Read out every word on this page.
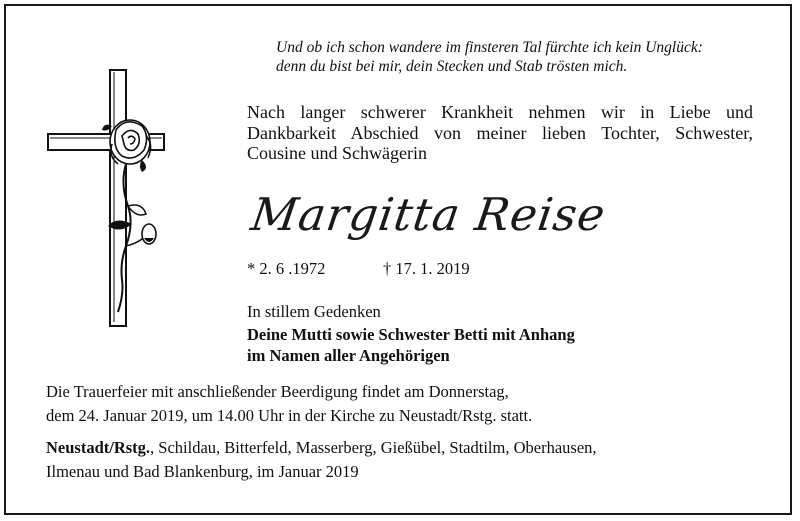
Und ob ich schon wandere im finsteren Tal fürchte ich kein Unglück:
denn du bist bei mir, dein Stecken und Stab trösten mich.
Nach langer schwerer Krankheit nehmen wir in Liebe und
Dankbarkeit Abschied von meiner lieben Tochter, Schwester,
Cousine und Schwägerin
Margitta Reise
* 2. 6 .1972	† 17. 1. 2019
In stillem Gedenken
Deine Mutti sowie Schwester Betti mit Anhang
im Namen aller Angehörigen
Die Trauerfeier mit anschließender Beerdigung findet am Donnerstag,
dem 24. Januar 2019, um 14.00 Uhr in der Kirche zu Neustadt/Rstg. statt.
Neustadt/Rstg., Schildau, Bitterfeld, Masserberg, Gießübel, Stadtilm, Oberhausen,
Ilmenau und Bad Blankenburg, im Januar 2019
